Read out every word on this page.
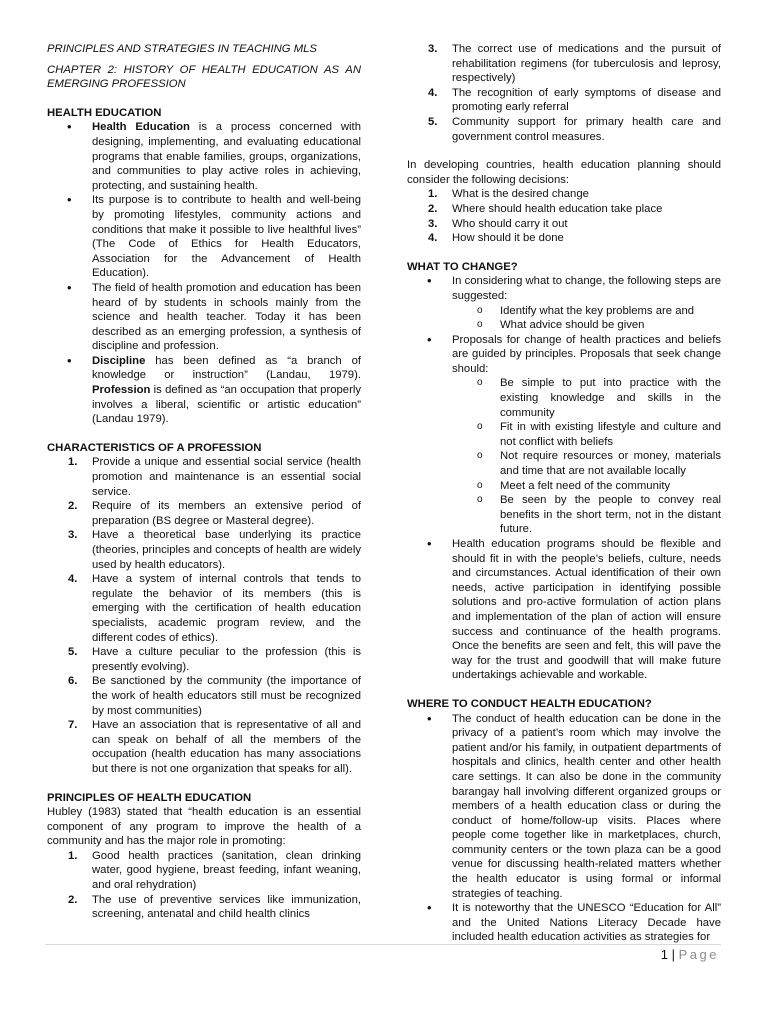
PRINCIPLES AND STRATEGIES IN TEACHING MLS

CHAPTER 2: HISTORY OF HEALTH EDUCATION AS AN EMERGING PROFESSION

HEALTH EDUCATION

• Health Education is a process concerned with designing, implementing, and evaluating educational programs that enable families, groups, organizations, and communities to play active roles in achieving, protecting, and sustaining health.
• Its purpose is to contribute to health and well-being by promoting lifestyles, community actions and conditions that make it possible to live healthful lives” (The Code of Ethics for Health Educators, Association for the Advancement of Health Education).
• The field of health promotion and education has been heard of by students in schools mainly from the science and health teacher. Today it has been described as an emerging profession, a synthesis of discipline and profession.
• Discipline has been defined as “a branch of knowledge or instruction” (Landau, 1979). Profession is defined as “an occupation that properly involves a liberal, scientific or artistic education” (Landau 1979).

CHARACTERISTICS OF A PROFESSION

1. Provide a unique and essential social service (health promotion and maintenance is an essential social service.
2. Require of its members an extensive period of preparation (BS degree or Masteral degree).
3. Have a theoretical base underlying its practice (theories, principles and concepts of health are widely used by health educators).
4. Have a system of internal controls that tends to regulate the behavior of its members (this is emerging with the certification of health education specialists, academic program review, and the different codes of ethics).
5. Have a culture peculiar to the profession (this is presently evolving).
6. Be sanctioned by the community (the importance of the work of health educators still must be recognized by most communities)
7. Have an association that is representative of all and can speak on behalf of all the members of the occupation (health education has many associations but there is not one organization that speaks for all).

PRINCIPLES OF HEALTH EDUCATION

Hubley (1983) stated that “health education is an essential component of any program to improve the health of a community and has the major role in promoting:

1. Good health practices (sanitation, clean drinking water, good hygiene, breast feeding, infant weaning, and oral rehydration)
2. The use of preventive services like immunization, screening, antenatal and child health clinics
3. The correct use of medications and the pursuit of rehabilitation regimens (for tuberculosis and leprosy, respectively)
4. The recognition of early symptoms of disease and promoting early referral
5. Community support for primary health care and government control measures.

In developing countries, health education planning should consider the following decisions:

1. What is the desired change
2. Where should health education take place
3. Who should carry it out
4. How should it be done

WHAT TO CHANGE?

• In considering what to change, the following steps are suggested:
o Identify what the key problems are and
o What advice should be given
• Proposals for change of health practices and beliefs are guided by principles. Proposals that seek change should:
o Be simple to put into practice with the existing knowledge and skills in the community
o Fit in with existing lifestyle and culture and not conflict with beliefs
o Not require resources or money, materials and time that are not available locally
o Meet a felt need of the community
o Be seen by the people to convey real benefits in the short term, not in the distant future.
• Health education programs should be flexible and should fit in with the people’s beliefs, culture, needs and circumstances. Actual identification of their own needs, active participation in identifying possible solutions and pro-active formulation of action plans and implementation of the plan of action will ensure success and continuance of the health programs. Once the benefits are seen and felt, this will pave the way for the trust and goodwill that will make future undertakings achievable and workable.

WHERE TO CONDUCT HEALTH EDUCATION?

• The conduct of health education can be done in the privacy of a patient’s room which may involve the patient and/or his family, in outpatient departments of hospitals and clinics, health center and other health care settings. It can also be done in the community barangay hall involving different organized groups or members of a health education class or during the conduct of home/follow-up visits. Places where people come together like in marketplaces, church, community centers or the town plaza can be a good venue for discussing health-related matters whether the health educator is using formal or informal strategies of teaching.
• It is noteworthy that the UNESCO “Education for All” and the United Nations Literacy Decade have included health education activities as strategies for
1 | Page
